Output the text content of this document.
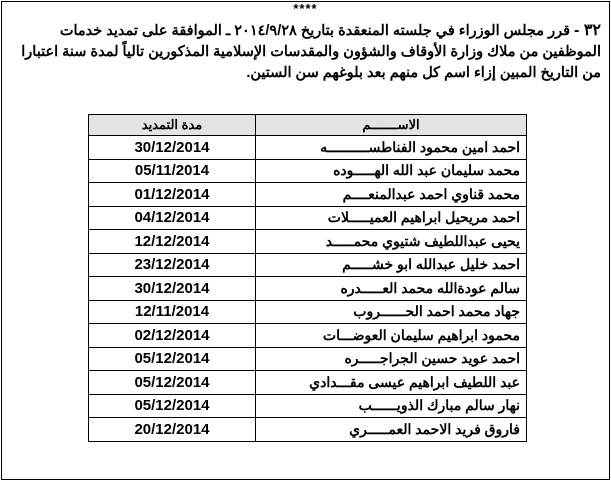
****
٣٢ - قرر مجلس الوزراء في جلسته المنعقدة بتاريخ ٢٠١٤/٩/٢٨ ـ الموافقة على تمديد خدمات الموظفين من ملاك وزارة الأوقاف والشؤون والمقدسات الإسلامية المذكورين تالياً لمدة سنة اعتبارا من التاريخ المبين إزاء اسم كل منهم بعد بلوغهم سن الستين.
الاســـــــم	مدة التمديد
احمد امين محمود الفناطســــــــــه	30/12/2014
محمد سليمان عبد الله الهـــــوده	05/11/2014
محمد قناوي احمد عبدالمنعــــم	01/12/2014
احمد مريحيل ابراهيم العميـــــلات	04/12/2014
يحيى عبداللطيف شتيوي محمـــــد	12/12/2014
احمد خليل عبدالله ابو خشـــــم	23/12/2014
سالم عودةالله محمد العـــــدره	30/12/2014
جهاد محمد احمد الحــــــروب	12/11/2014
محمود ابراهيم سليمان العوضـــات	02/12/2014
احمد عويد حسين الجراجـــــره	05/12/2014
عبد اللطيف ابراهيم عيسى مقـــدادي	05/12/2014
نهار سالم مبارك الذويــــــب	05/12/2014
فاروق فريد الاحمد العمـــــري	20/12/2014
